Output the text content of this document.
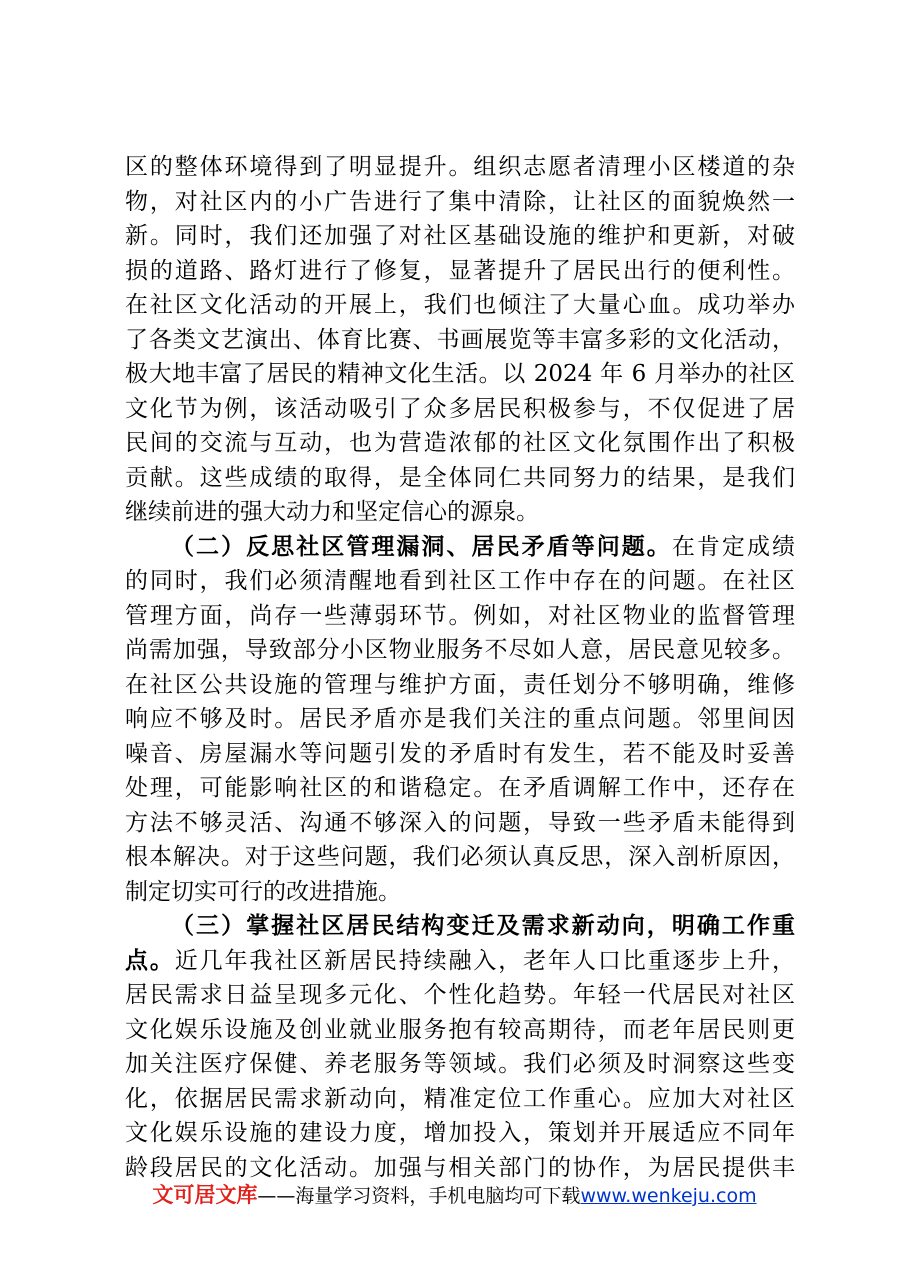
区的整体环境得到了明显提升。组织志愿者清理小区楼道的杂
物，对社区内的小广告进行了集中清除，让社区的面貌焕然一
新。同时，我们还加强了对社区基础设施的维护和更新，对破
损的道路、路灯进行了修复，显著提升了居民出行的便利性。
在社区文化活动的开展上，我们也倾注了大量心血。成功举办
了各类文艺演出、体育比赛、书画展览等丰富多彩的文化活动，
极大地丰富了居民的精神文化生活。以 2024 年 6 月举办的社区
文化节为例，该活动吸引了众多居民积极参与，不仅促进了居
民间的交流与互动，也为营造浓郁的社区文化氛围作出了积极
贡献。这些成绩的取得，是全体同仁共同努力的结果，是我们
继续前进的强大动力和坚定信心的源泉。
（二）反思社区管理漏洞、居民矛盾等问题。在肯定成绩
的同时，我们必须清醒地看到社区工作中存在的问题。在社区
管理方面，尚存一些薄弱环节。例如，对社区物业的监督管理
尚需加强，导致部分小区物业服务不尽如人意，居民意见较多。
在社区公共设施的管理与维护方面，责任划分不够明确，维修
响应不够及时。居民矛盾亦是我们关注的重点问题。邻里间因
噪音、房屋漏水等问题引发的矛盾时有发生，若不能及时妥善
处理，可能影响社区的和谐稳定。在矛盾调解工作中，还存在
方法不够灵活、沟通不够深入的问题，导致一些矛盾未能得到
根本解决。对于这些问题，我们必须认真反思，深入剖析原因，
制定切实可行的改进措施。
（三）掌握社区居民结构变迁及需求新动向，明确工作重
点。近几年我社区新居民持续融入，老年人口比重逐步上升，
居民需求日益呈现多元化、个性化趋势。年轻一代居民对社区
文化娱乐设施及创业就业服务抱有较高期待，而老年居民则更
加关注医疗保健、养老服务等领域。我们必须及时洞察这些变
化，依据居民需求新动向，精准定位工作重心。应加大对社区
文化娱乐设施的建设力度，增加投入，策划并开展适应不同年
龄段居民的文化活动。加强与相关部门的协作，为居民提供丰
文可居文库——海量学习资料，手机电脑均可下载www.wenkeju.com
